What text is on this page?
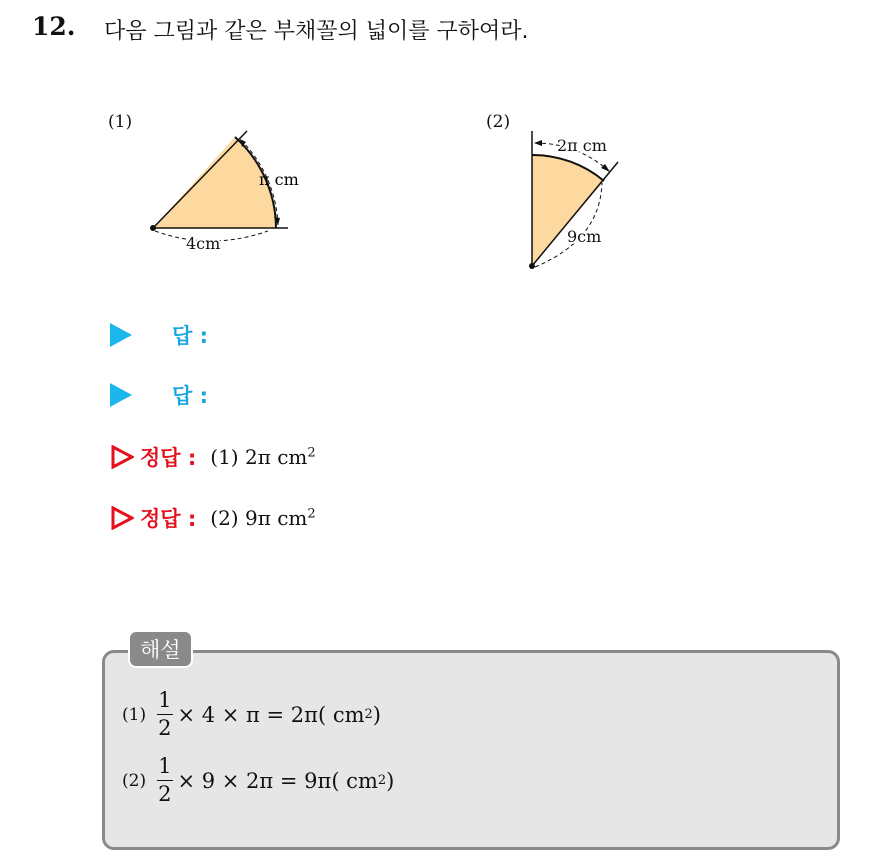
12. 다음 그림과 같은 부채꼴의 넓이를 구하여라.
(1)
π cm
4cm
(2)
2π cm
9cm
답 :
답 :
정답 : (1) 2π $cm^2$
정답 : (2) 9π $cm^2$
해설
$(1) \frac{1}{2} \times 4 \times \pi = 2\pi$( cm 2 )
$(2) \frac{1}{2} \times 9 \times 2\pi = 9\pi$( cm 2 )
